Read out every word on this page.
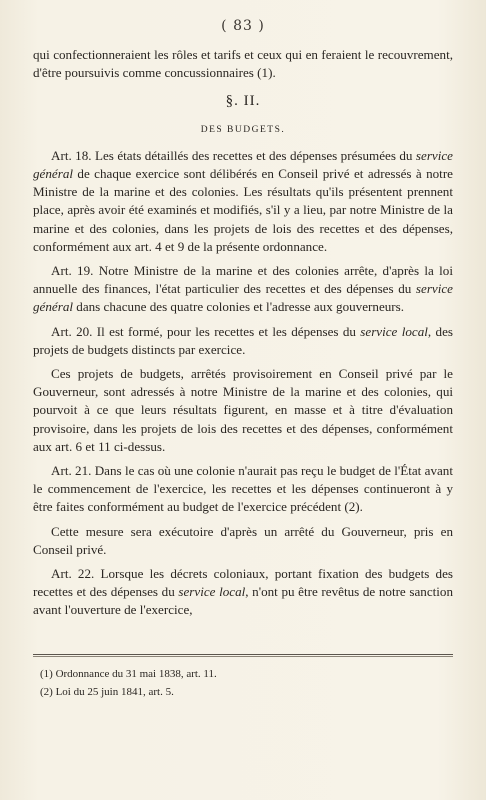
( 83 )

qui confectionneraient les rôles et tarifs et ceux qui en feraient le recouvrement, d'être poursuivis comme concussionnaires (1).

§. II.
DES BUDGETS.

Art. 18. Les états détaillés des recettes et des dépenses présumées du service général de chaque exercice sont délibérés en Conseil privé et adressés à notre Ministre de la marine et des colonies. Les résultats qu'ils présentent prennent place, après avoir été examinés et modifiés, s'il y a lieu, par notre Ministre de la marine et des colonies, dans les projets de lois des recettes et des dépenses, conformément aux art. 4 et 9 de la présente ordonnance.

Art. 19. Notre Ministre de la marine et des colonies arrête, d'après la loi annuelle des finances, l'état particulier des recettes et des dépenses du service général dans chacune des quatre colonies et l'adresse aux gouverneurs.

Art. 20. Il est formé, pour les recettes et les dépenses du service local, des projets de budgets distincts par exercice.

Ces projets de budgets, arrêtés provisoirement en Conseil privé par le Gouverneur, sont adressés à notre Ministre de la marine et des colonies, qui pourvoit à ce que leurs résultats figurent, en masse et à titre d'évaluation provisoire, dans les projets de lois des recettes et des dépenses, conformément aux art. 6 et 11 ci-dessus.

Art. 21. Dans le cas où une colonie n'aurait pas reçu le budget de l'État avant le commencement de l'exercice, les recettes et les dépenses continueront à y être faites conformément au budget de l'exercice précédent (2).

Cette mesure sera exécutoire d'après un arrêté du Gouverneur, pris en Conseil privé.

Art. 22. Lorsque les décrets coloniaux, portant fixation des budgets des recettes et des dépenses du service local, n'ont pu être revêtus de notre sanction avant l'ouverture de l'exercice,

(1) Ordonnance du 31 mai 1838, art. 11.
(2) Loi du 25 juin 1841, art. 5.
